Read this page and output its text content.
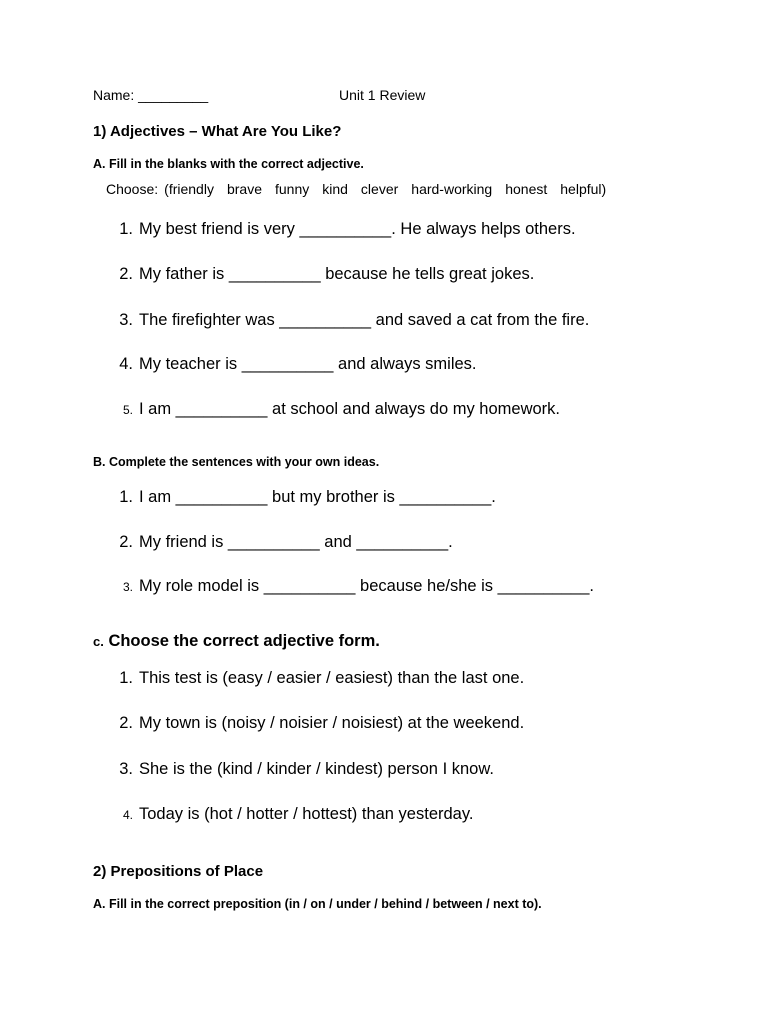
Name: _________	Unit 1 Review
1) Adjectives – What Are You Like?
A. Fill in the blanks with the correct adjective.
Choose: (friendly brave funny kind clever hard-working honest helpful)
1. My best friend is very __________. He always helps others.
2. My father is __________ because he tells great jokes.
3. The firefighter was __________ and saved a cat from the fire.
4. My teacher is __________ and always smiles.
5. I am __________ at school and always do my homework.
B. Complete the sentences with your own ideas.
1. I am __________ but my brother is __________.
2. My friend is __________ and __________.
3. My role model is __________ because he/she is __________.
c. Choose the correct adjective form.
1. This test is (easy / easier / easiest) than the last one.
2. My town is (noisy / noisier / noisiest) at the weekend.
3. She is the (kind / kinder / kindest) person I know.
4. Today is (hot / hotter / hottest) than yesterday.
2) Prepositions of Place
A. Fill in the correct preposition (in / on / under / behind / between / next to).
